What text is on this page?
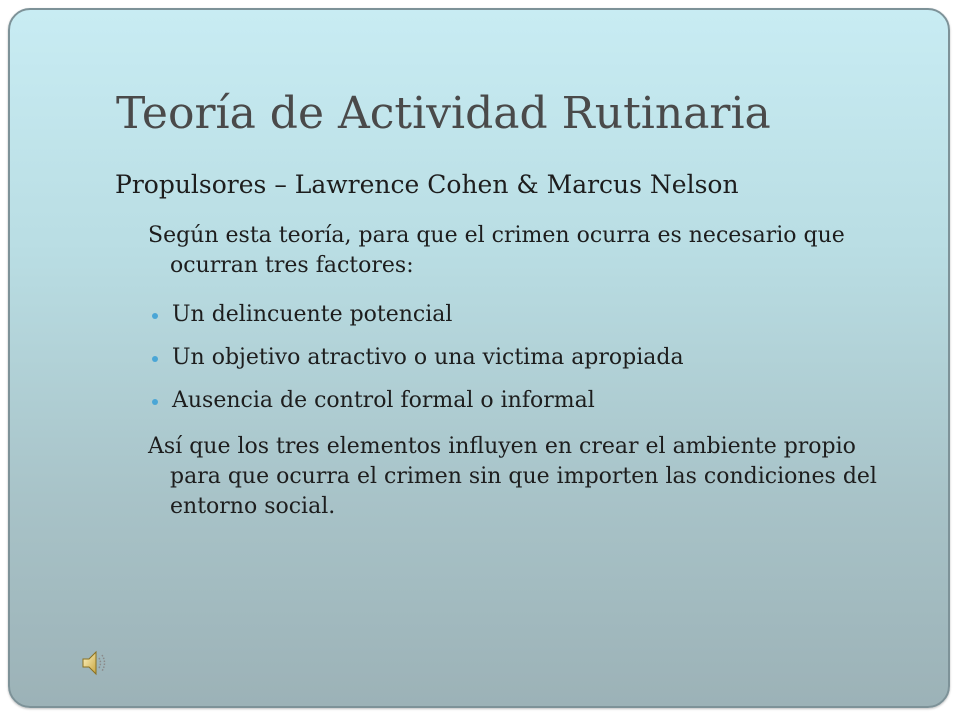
Teoría de Actividad Rutinaria
Propulsores – Lawrence Cohen & Marcus Nelson
Según esta teoría, para que el crimen ocurra es necesario que ocurran tres factores:
Un delincuente potencial
Un objetivo atractivo o una victima apropiada
Ausencia de control formal o informal
Así que los tres elementos influyen en crear el ambiente propio para que ocurra el crimen sin que importen las condiciones del entorno social.
